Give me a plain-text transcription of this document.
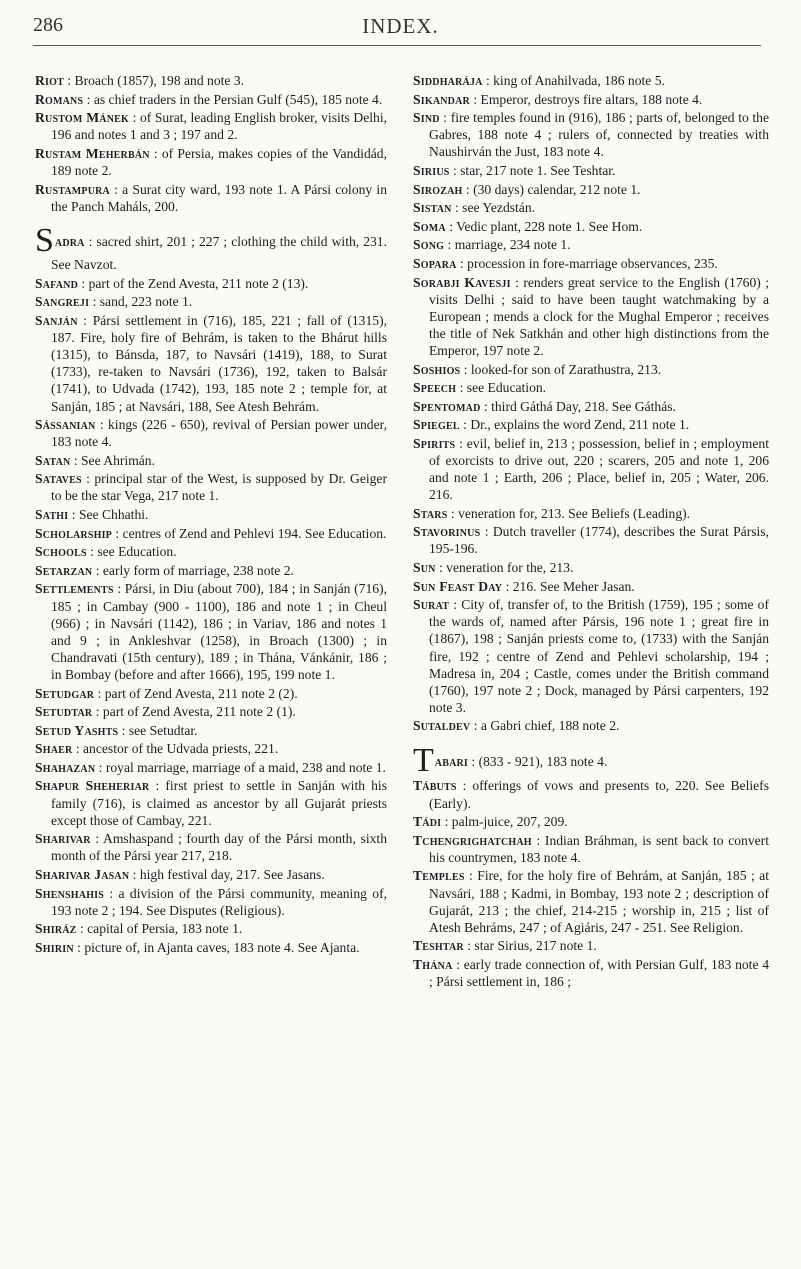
286	INDEX.

Riot : Broach (1857), 198 and note 3.

Romans : as chief traders in the Persian Gulf (545), 185 note 4.

Rustom Mánek : of Surat, leading English broker, visits Delhi, 196 and notes 1 and 3 ; 197 and 2.

Rustam Meherbán : of Persia, makes copies of the Vandidád, 189 note 2.

Rustampura : a Surat city ward, 193 note 1. A Pársi colony in the Panch Maháls, 200.

Sadra : sacred shirt, 201 ; 227 ; clothing the child with, 231. See Navzot.

Safand : part of the Zend Avesta, 211 note 2 (13).

Sangreji : sand, 223 note 1.

Sanján : Pársi settlement in (716), 185, 221 ; fall of (1315), 187. Fire, holy fire of Behrám, is taken to the Bhárut hills (1315), to Bánsda, 187, to Navsári (1419), 188, to Surat (1733), re-taken to Navsári (1736), 192, taken to Balsár (1741), to Udvada (1742), 193, 185 note 2 ; temple for, at Sanján, 185 ; at Navsári, 188, See Atesh Behrám.

Sássanian : kings (226 - 650), revival of Persian power under, 183 note 4.

Satan : See Ahrimán.

Sataves : principal star of the West, is supposed by Dr. Geiger to be the star Vega, 217 note 1.

Sathi : See Chhathi.

Scholarship : centres of Zend and Pehlevi 194. See Education.

Schools : see Education.

Setarzan : early form of marriage, 238 note 2.

Settlements : Pársi, in Diu (about 700), 184 ; in Sanján (716), 185 ; in Cambay (900 - 1100), 186 and note 1 ; in Cheul (966) ; in Navsári (1142), 186 ; in Variav, 186 and notes 1 and 9 ; in Ankleshvar (1258), in Broach (1300) ; in Chandravati (15th century), 189 ; in Thána, Vánkánir, 186 ; in Bombay (before and after 1666), 195, 199 note 1.

Setudgar : part of Zend Avesta, 211 note 2 (2).

Setudtar : part of Zend Avesta, 211 note 2 (1).

Setud Yashts : see Setudtar.

Shaer : ancestor of the Udvada priests, 221.

Shahazan : royal marriage, marriage of a maid, 238 and note 1.

Shapur Sheheriar : first priest to settle in Sanján with his family (716), is claimed as ancestor by all Gujarát priests except those of Cambay, 221.

Sharivar : Amshaspand ; fourth day of the Pársi month, sixth month of the Pársi year 217, 218.

Sharivar Jasan : high festival day, 217. See Jasans.

Shenshahis : a division of the Pársi community, meaning of, 193 note 2 ; 194. See Disputes (Religious).

Shiráz : capital of Persia, 183 note 1.

Shirin : picture of, in Ajanta caves, 183 note 4. See Ajanta.

Siddharája : king of Anahilvada, 186 note 5.

Sikandar : Emperor, destroys fire altars, 188 note 4.

Sind : fire temples found in (916), 186 ; parts of, belonged to the Gabres, 188 note 4 ; rulers of, connected by treaties with Naushirván the Just, 183 note 4.

Sirius : star, 217 note 1. See Teshtar.

Sirozah : (30 days) calendar, 212 note 1.

Sistan : see Yezdstán.

Soma : Vedic plant, 228 note 1. See Hom.

Song : marriage, 234 note 1.

Sopara : procession in fore-marriage observances, 235.

Sorabji Kavesji : renders great service to the English (1760) ; visits Delhi ; said to have been taught watchmaking by a European ; mends a clock for the Mughal Emperor ; receives the title of Nek Satkhán and other high distinctions from the Emperor, 197 note 2.

Soshios : looked-for son of Zarathustra, 213.

Speech : see Education.

Spentomad : third Gáthá Day, 218. See Gáthás.

Spiegel : Dr., explains the word Zend, 211 note 1.

Spirits : evil, belief in, 213 ; possession, belief in ; employment of exorcists to drive out, 220 ; scarers, 205 and note 1, 206 and note 1 ; Earth, 206 ; Place, belief in, 205 ; Water, 206. 216.

Stars : veneration for, 213. See Beliefs (Leading).

Stavorinus : Dutch traveller (1774), describes the Surat Pársis, 195-196.

Sun : veneration for the, 213.

Sun Feast Day : 216. See Meher Jasan.

Surat : City of, transfer of, to the British (1759), 195 ; some of the wards of, named after Pársis, 196 note 1 ; great fire in (1867), 198 ; Sanján priests come to, (1733) with the Sanján fire, 192 ; centre of Zend and Pehlevi scholarship, 194 ; Madresa in, 204 ; Castle, comes under the British command (1760), 197 note 2 ; Dock, managed by Pársi carpenters, 192 note 3.

Sutaldev : a Gabri chief, 188 note 2.

Tabari : (833 - 921), 183 note 4.

Tábuts : offerings of vows and presents to, 220. See Beliefs (Early).

Tádi : palm-juice, 207, 209.

Tchengrighatchah : Indian Bráhman, is sent back to convert his countrymen, 183 note 4.

Temples : Fire, for the holy fire of Behrám, at Sanján, 185 ; at Navsári, 188 ; Kadmi, in Bombay, 193 note 2 ; description of Gujarát, 213 ; the chief, 214-215 ; worship in, 215 ; list of Atesh Behráms, 247 ; of Agiáris, 247 - 251. See Religion.

Teshtar : star Sirius, 217 note 1.

Thána : early trade connection of, with Persian Gulf, 183 note 4 ; Pársi settlement in, 186 ;
